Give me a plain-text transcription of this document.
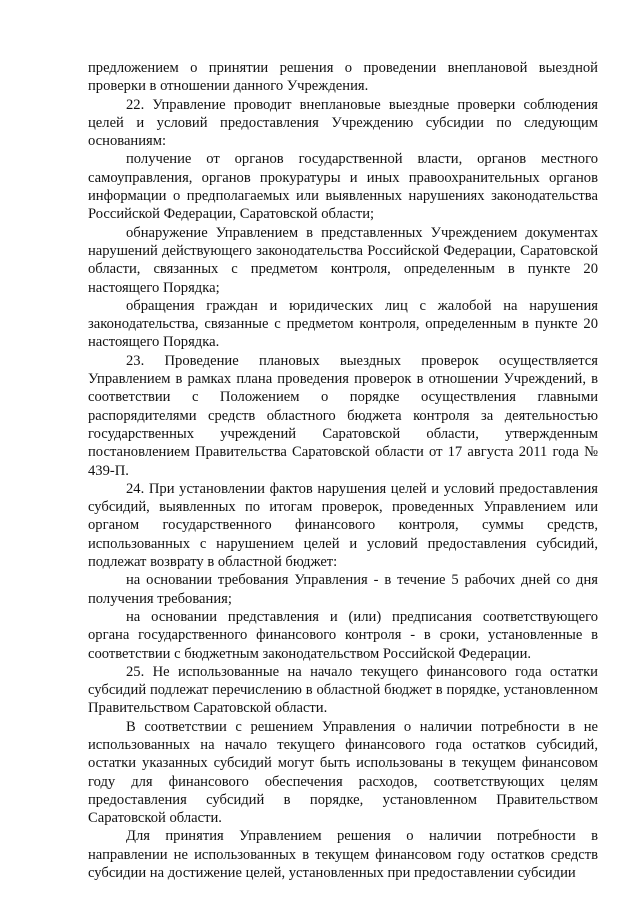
предложением о принятии решения о проведении внеплановой выездной проверки в отношении данного Учреждения.

22. Управление проводит внеплановые выездные проверки соблюдения целей и условий предоставления Учреждению субсидии по следующим основаниям:

получение от органов государственной власти, органов местного самоуправления, органов прокуратуры и иных правоохранительных органов информации о предполагаемых или выявленных нарушениях законодательства Российской Федерации, Саратовской области;

обнаружение Управлением в представленных Учреждением документах нарушений действующего законодательства Российской Федерации, Саратовской области, связанных с предметом контроля, определенным в пункте 20 настоящего Порядка;

обращения граждан и юридических лиц с жалобой на нарушения законодательства, связанные с предметом контроля, определенным в пункте 20 настоящего Порядка.

23. Проведение плановых выездных проверок осуществляется Управлением в рамках плана проведения проверок в отношении Учреждений, в соответствии с Положением о порядке осуществления главными распорядителями средств областного бюджета контроля за деятельностью государственных учреждений Саратовской области, утвержденным постановлением Правительства Саратовской области от 17 августа 2011 года № 439-П.

24. При установлении фактов нарушения целей и условий предоставления субсидий, выявленных по итогам проверок, проведенных Управлением или органом государственного финансового контроля, суммы средств, использованных с нарушением целей и условий предоставления субсидий, подлежат возврату в областной бюджет:

на основании требования Управления - в течение 5 рабочих дней со дня получения требования;

на основании представления и (или) предписания соответствующего органа государственного финансового контроля - в сроки, установленные в соответствии с бюджетным законодательством Российской Федерации.

25. Не использованные на начало текущего финансового года остатки субсидий подлежат перечислению в областной бюджет в порядке, установленном Правительством Саратовской области.

В соответствии с решением Управления о наличии потребности в не использованных на начало текущего финансового года остатков субсидий, остатки указанных субсидий могут быть использованы в текущем финансовом году для финансового обеспечения расходов, соответствующих целям предоставления субсидий в порядке, установленном Правительством Саратовской области.

Для принятия Управлением решения о наличии потребности в направлении не использованных в текущем финансовом году остатков средств субсидии на достижение целей, установленных при предоставлении субсидии
